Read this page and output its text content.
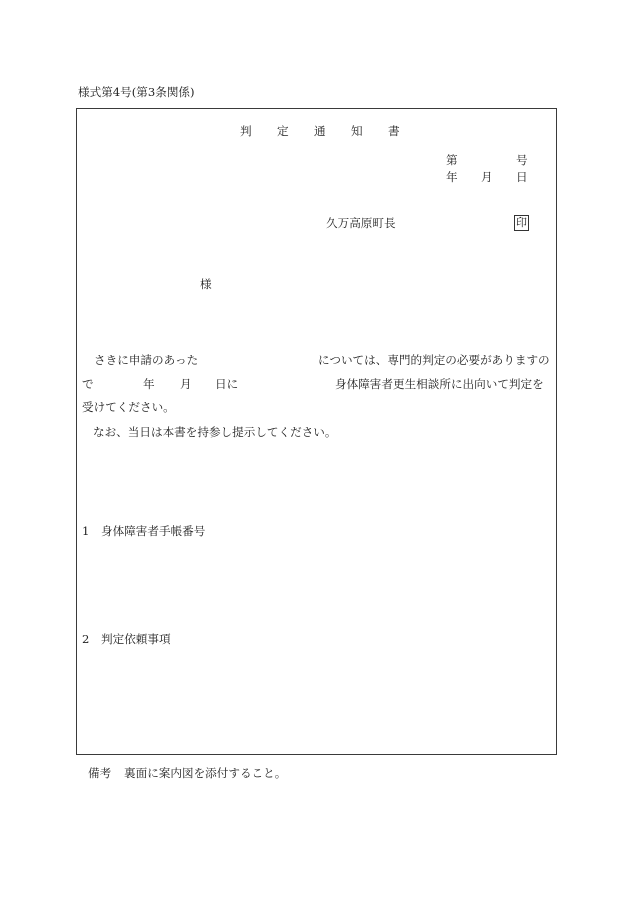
様式第4号(第3条関係)
判定通知書
第	号
年 月 日
久万高原町長	印
様
さきに申請のあった	については、専門的判定の必要がありますの
で	年 月 日に	身体障害者更生相談所に出向いて判定を
受けてください。
なお、当日は本書を持参し提示してください。
1 身体障害者手帳番号
2 判定依頼事項
備考 裏面に案内図を添付すること。
